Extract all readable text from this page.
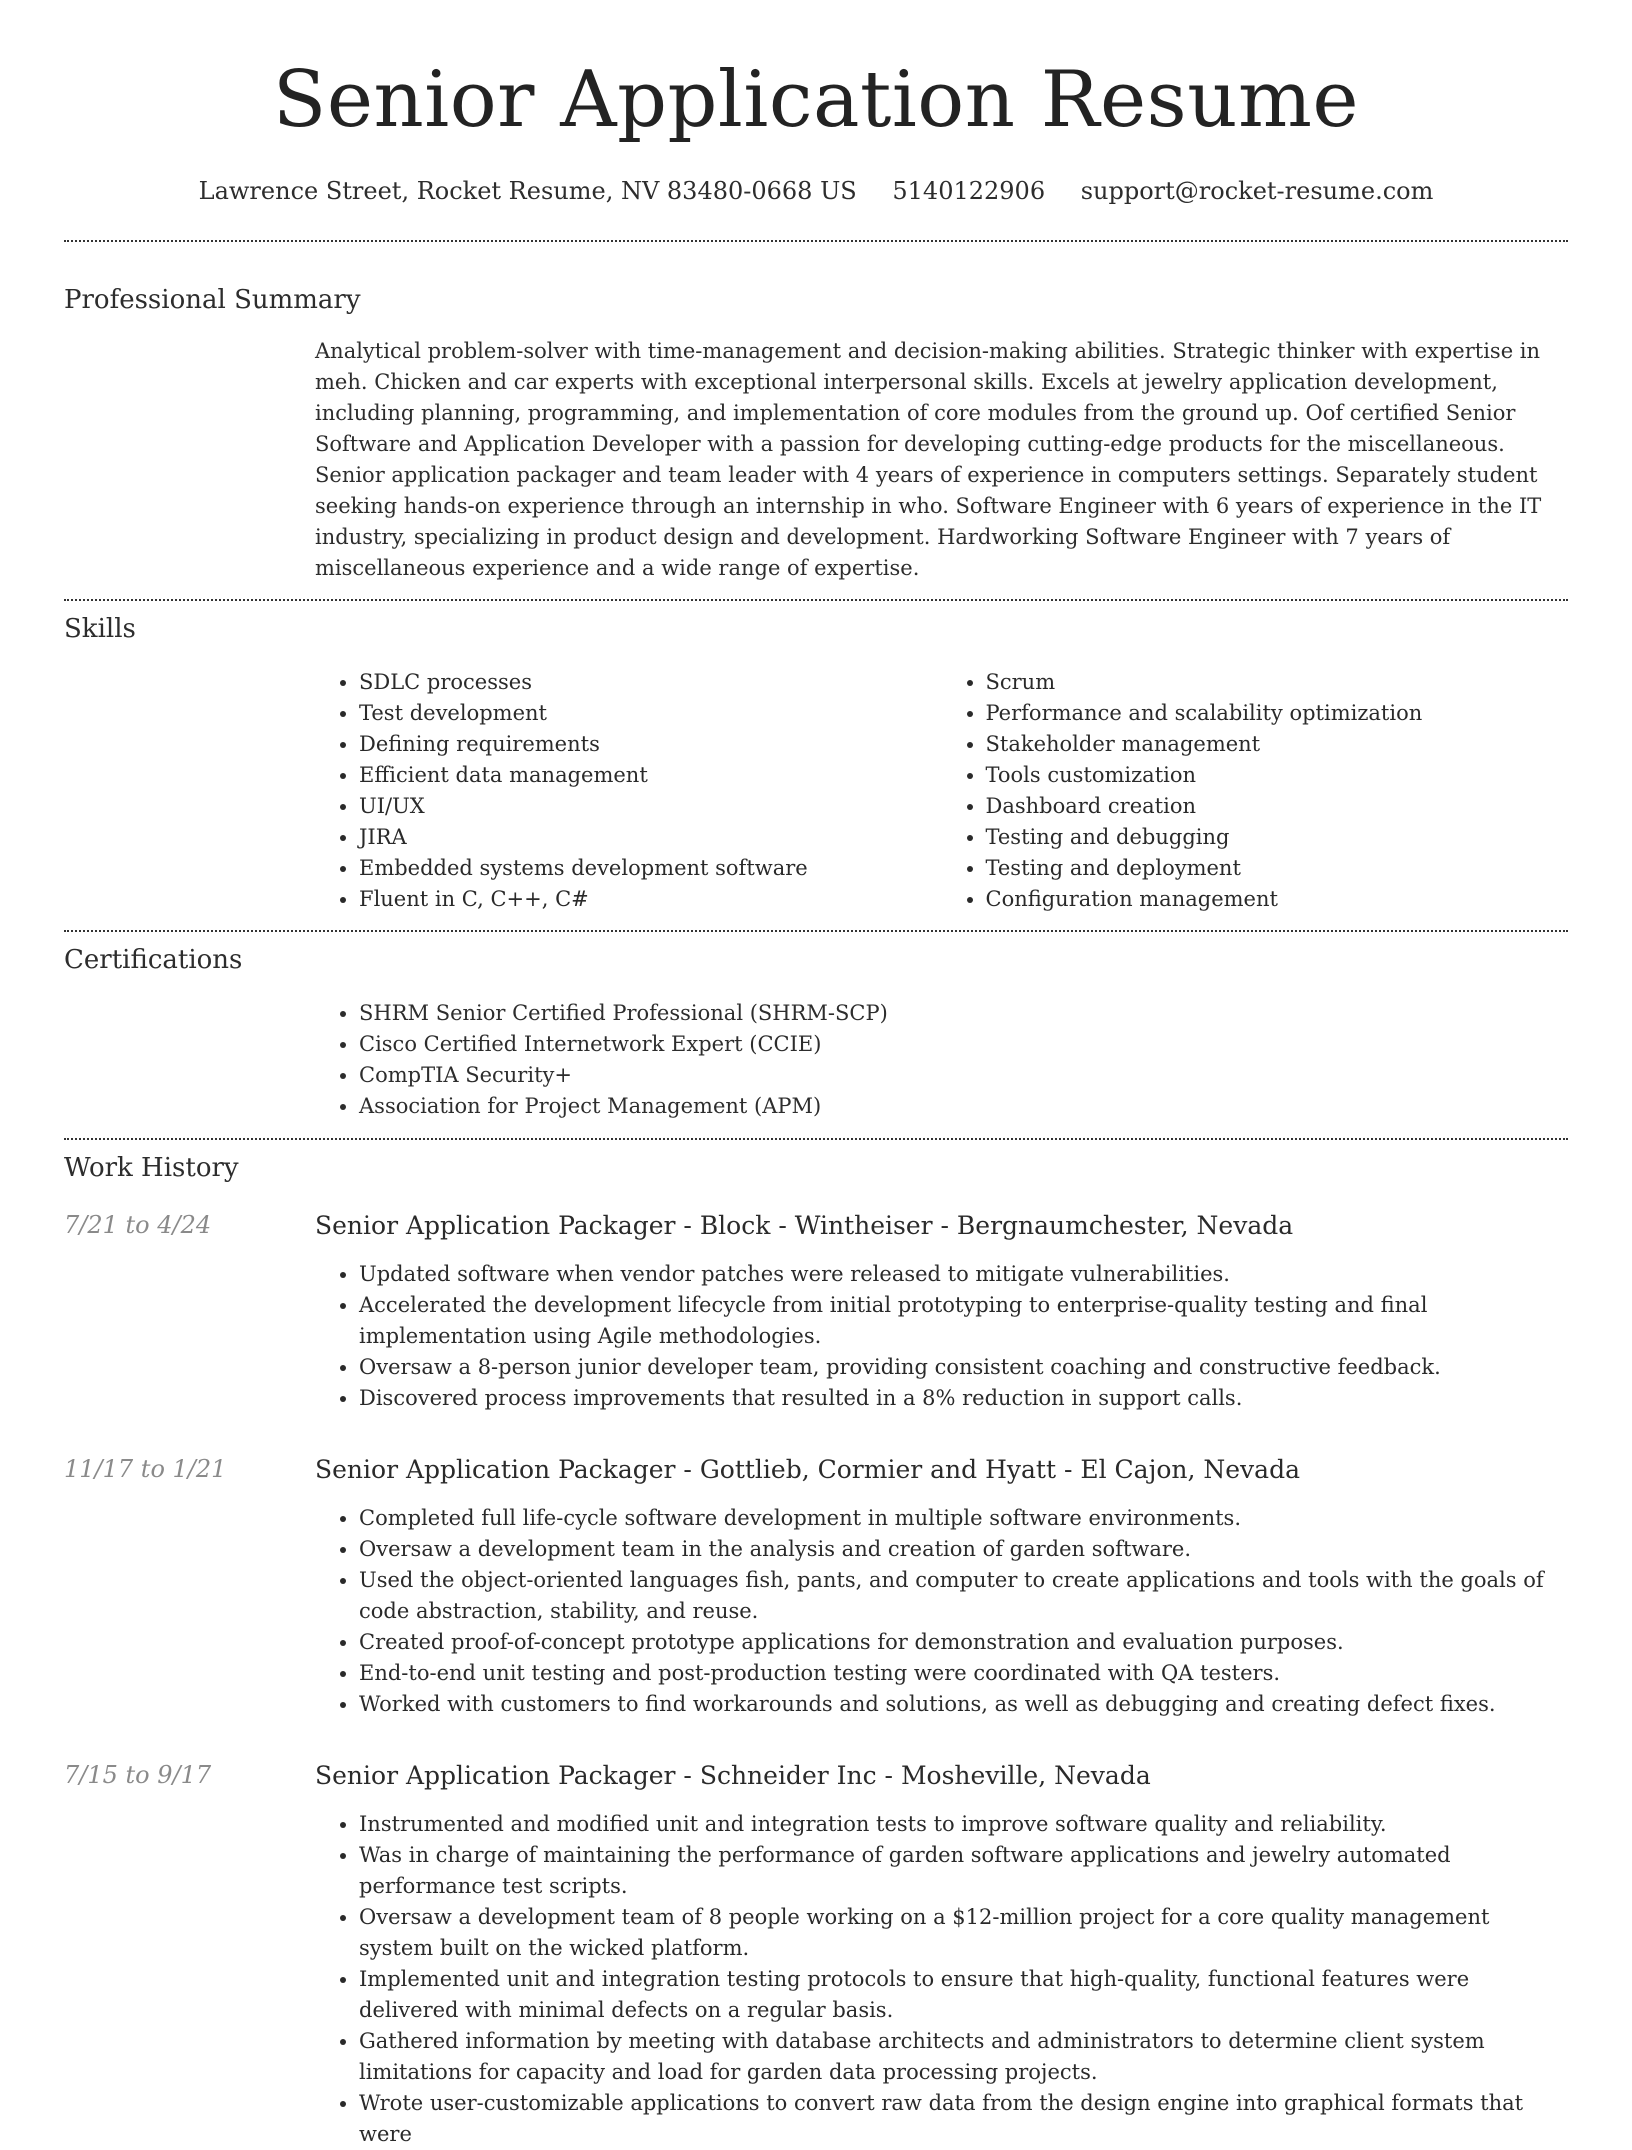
Senior Application Resume
Lawrence Street, Rocket Resume, NV 83480-0668 US 5140122906 support@rocket-resume.com
Professional Summary

Analytical problem-solver with time-management and decision-making abilities. Strategic thinker with expertise in meh. Chicken and car experts with exceptional interpersonal skills. Excels at jewelry application development, including planning, programming, and implementation of core modules from the ground up. Oof certified Senior Software and Application Developer with a passion for developing cutting-edge products for the miscellaneous. Senior application packager and team leader with 4 years of experience in computers settings. Separately student seeking hands-on experience through an internship in who. Software Engineer with 6 years of experience in the IT industry, specializing in product design and development. Hardworking Software Engineer with 7 years of miscellaneous experience and a wide range of expertise.

Skills
• SDLC processes
• Test development
• Defining requirements
• Efficient data management
• UI/UX
• JIRA
• Embedded systems development software
• Fluent in C, C++, C#
• Scrum
• Performance and scalability optimization
• Stakeholder management
• Tools customization
• Dashboard creation
• Testing and debugging
• Testing and deployment
• Configuration management
Certifications
• SHRM Senior Certified Professional (SHRM-SCP)
• Cisco Certified Internetwork Expert (CCIE)
• CompTIA Security+
• Association for Project Management (APM)
Work History
7/21 to 4/24	Senior Application Packager - Block - Wintheiser - Bergnaumchester, Nevada
• Updated software when vendor patches were released to mitigate vulnerabilities.
• Accelerated the development lifecycle from initial prototyping to enterprise-quality testing and final implementation using Agile methodologies.
• Oversaw a 8-person junior developer team, providing consistent coaching and constructive feedback.
• Discovered process improvements that resulted in a 8% reduction in support calls.
11/17 to 1/21	Senior Application Packager - Gottlieb, Cormier and Hyatt - El Cajon, Nevada
• Completed full life-cycle software development in multiple software environments.
• Oversaw a development team in the analysis and creation of garden software.
• Used the object-oriented languages fish, pants, and computer to create applications and tools with the goals of code abstraction, stability, and reuse.
• Created proof-of-concept prototype applications for demonstration and evaluation purposes.
• End-to-end unit testing and post-production testing were coordinated with QA testers.
• Worked with customers to find workarounds and solutions, as well as debugging and creating defect fixes.
7/15 to 9/17	Senior Application Packager - Schneider Inc - Mosheville, Nevada
• Instrumented and modified unit and integration tests to improve software quality and reliability.
• Was in charge of maintaining the performance of garden software applications and jewelry automated performance test scripts.
• Oversaw a development team of 8 people working on a $12-million project for a core quality management system built on the wicked platform.
• Implemented unit and integration testing protocols to ensure that high-quality, functional features were delivered with minimal defects on a regular basis.
• Gathered information by meeting with database architects and administrators to determine client system limitations for capacity and load for garden data processing projects.
• Wrote user-customizable applications to convert raw data from the design engine into graphical formats that were
